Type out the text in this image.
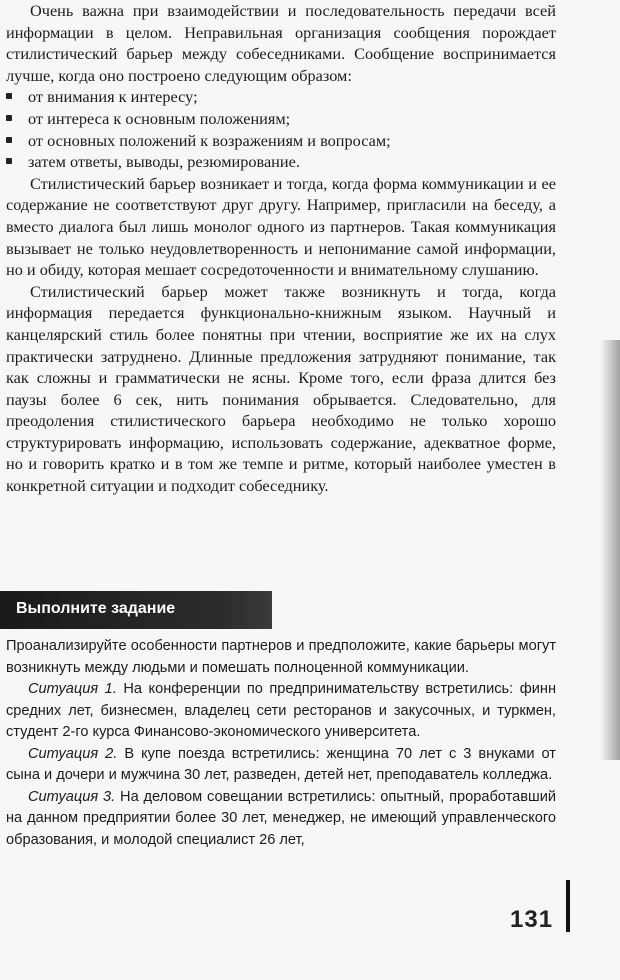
Очень важна при взаимодействии и последовательность передачи всей информации в целом. Неправильная организация сообщения порождает стилистический барьер между собеседниками. Сообщение воспринимается лучше, когда оно построено следующим образом:

от внимания к интересу;
от интереса к основным положениям;
от основных положений к возражениям и вопросам;
затем ответы, выводы, резюмирование.

Стилистический барьер возникает и тогда, когда форма коммуникации и ее содержание не соответствуют друг другу. Например, пригласили на беседу, а вместо диалога был лишь монолог одного из партнеров. Такая коммуникация вызывает не только неудовлетворенность и непонимание самой информации, но и обиду, которая мешает сосредоточенности и внимательному слушанию.

Стилистический барьер может также возникнуть и тогда, когда информация передается функционально-книжным языком. Научный и канцелярский стиль более понятны при чтении, восприятие же их на слух практически затруднено. Длинные предложения затрудняют понимание, так как сложны и грамматически не ясны. Кроме того, если фраза длится без паузы более 6 сек, нить понимания обрывается. Следовательно, для преодоления стилистического барьера необходимо не только хорошо структурировать информацию, использовать содержание, адекватное форме, но и говорить кратко и в том же темпе и ритме, который наиболее уместен в конкретной ситуации и подходит собеседнику.

Выполните задание

Проанализируйте особенности партнеров и предположите, какие барьеры могут возникнуть между людьми и помешать полноценной коммуникации.

Ситуация 1. На конференции по предпринимательству встретились: финн средних лет, бизнесмен, владелец сети ресторанов и закусочных, и туркмен, студент 2-го курса Финансово-экономического университета.

Ситуация 2. В купе поезда встретились: женщина 70 лет с 3 внуками от сына и дочери и мужчина 30 лет, разведен, детей нет, преподаватель колледжа.

Ситуация 3. На деловом совещании встретились: опытный, проработавший на данном предприятии более 30 лет, менеджер, не имеющий управленческого образования, и молодой специалист 26 лет,

131
